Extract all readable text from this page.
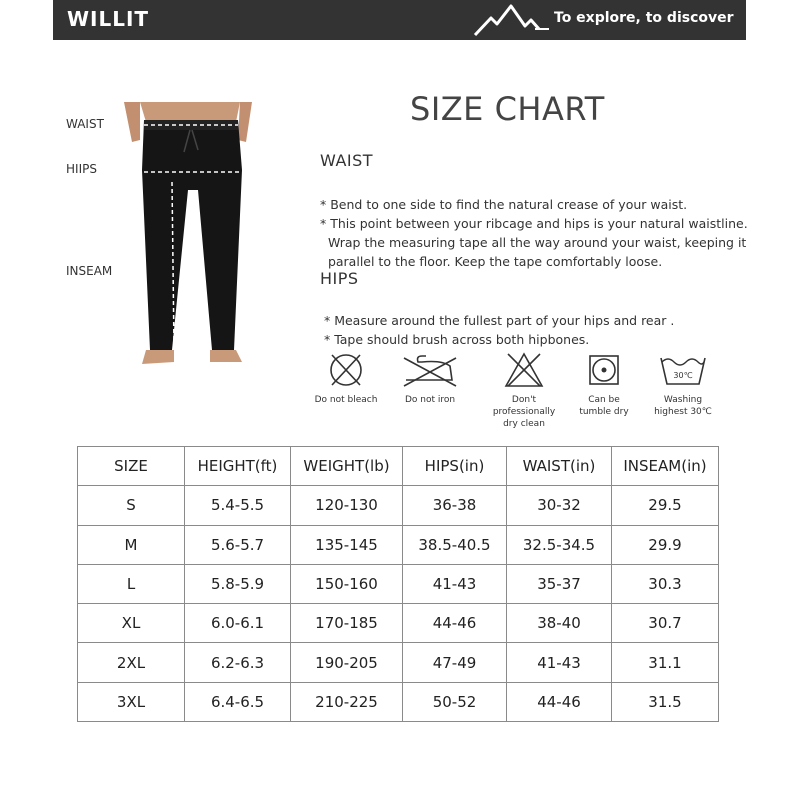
WILLIT	To explore, to discover
WAIST
HIIPS
INSEAM
SIZE CHART
WAIST

* Bend to one side to find the natural crease of your waist.
* This point between your ribcage and hips is your natural waistline.
Wrap the measuring tape all the way around your waist, keeping it
parallel to the floor. Keep the tape comfortably loose.

HIPS

* Measure around the fullest part of your hips and rear .
* Tape should brush across both hipbones.

Do not bleach	Do not iron	Don't professionally
dry clean
Can be
tumble dry
30℃
Washing
highest 30℃
SIZE	HEIGHT(ft)	WEIGHT(lb)	HIPS(in)	WAIST(in)	INSEAM(in)
S	5.4-5.5	120-130	36-38	30-32	29.5
M	5.6-5.7	135-145	38.5-40.5	32.5-34.5	29.9
L	5.8-5.9	150-160	41-43	35-37	30.3
XL	6.0-6.1	170-185	44-46	38-40	30.7
2XL	6.2-6.3	190-205	47-49	41-43	31.1
3XL	6.4-6.5	210-225	50-52	44-46	31.5
